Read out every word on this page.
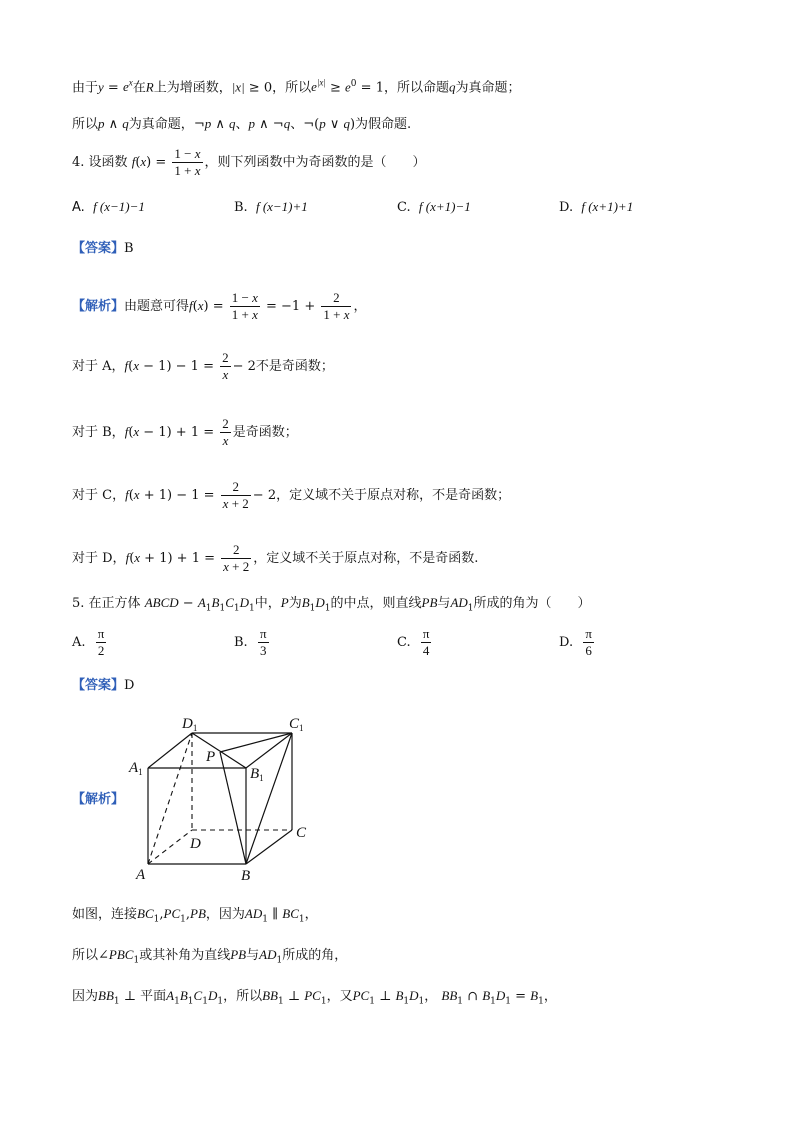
由于$y = e^x$在R上为增函数，|x| ≥ 0，所以$e^{|x|} \ge e^0 = 1$，所以命题q为真命题；
所以p ∧ q为真命题，¬p ∧ q、p ∧ ¬q、¬(p ∨ q)为假命题.
4. 设函数 $f(x) = \frac{1 - x}{1 + x}$ ，则下列函数中为奇函数的是（　　）
A. f (x−1)−1	B. f (x−1)+1	C. f (x+1)−1	D. f (x+1)+1
【答案】B
【解析】由题意可得$f(x) = \frac{1 - x}{1 + x} = -1 + \frac{2}{1 + x}$ ，
对于 A，$f(x - 1) - 1 = \frac{2}{x} - 2$不是奇函数；
对于 B，$f(x - 1) + 1 = \frac{2}{x}$ 是奇函数；
对于 C，$f(x + 1) - 1 = \frac{2}{x + 2} - 2$，定义域不关于原点对称，不是奇函数；
对于 D，$f(x + 1) + 1 = \frac{2}{x + 2}$ ，定义域不关于原点对称，不是奇函数.
5. 在正方体 ABCD − $A_1B_1C_1D_1$中，P为$B_1D_1$的中点，则直线PB与$AD_1$所成的角为（　　）
A. $\frac{\pi}{2}$	B. $\frac{\pi}{3}$	C. $\frac{\pi}{4}$	D. $\frac{\pi}{6}$
【答案】D
【解析】
$D_1$	$C_1$
$A_1$	$B_1$
P
D
C
A	B
如图，连接$BC_1,PC_1,PB$，因为$AD_1$ ∥ $BC_1$，
所以$\angle PBC_1$或其补角为直线PB与$AD_1$所成的角，
因为$BB_1$ ⊥ 平面$A_1B_1C_1D_1$，所以$BB_1$ ⊥ $PC_1$，又$PC_1$ ⊥ $B_1D_1$， $BB_1$ ∩ $B_1D_1 = B_1$，
